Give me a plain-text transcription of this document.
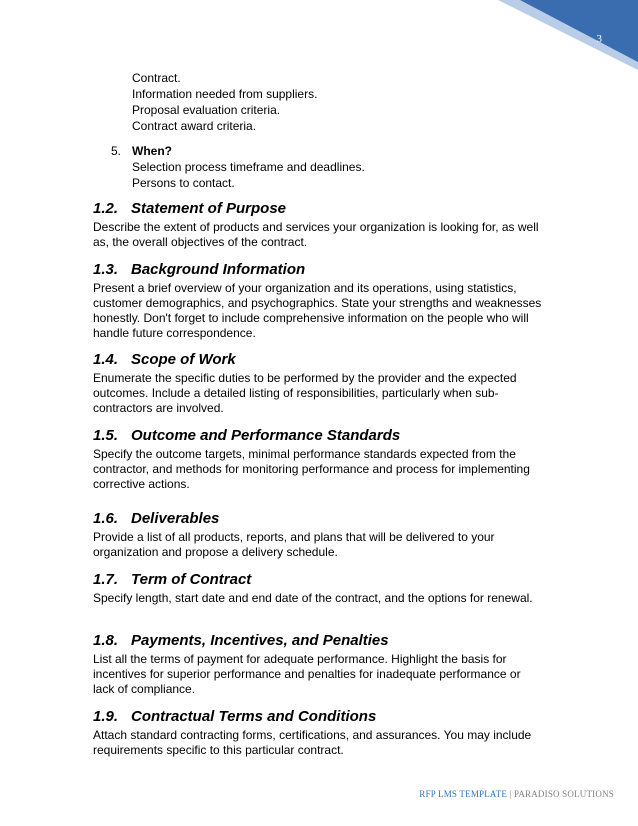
3
Contract.
Information needed from suppliers.
Proposal evaluation criteria.
Contract award criteria.
5. When?
Selection process timeframe and deadlines.
Persons to contact.
1.2. Statement of Purpose
Describe the extent of products and services your organization is looking for, as well as, the overall objectives of the contract.
1.3. Background Information
Present a brief overview of your organization and its operations, using statistics, customer demographics, and psychographics. State your strengths and weaknesses honestly. Don't forget to include comprehensive information on the people who will handle future correspondence.
1.4. Scope of Work
Enumerate the specific duties to be performed by the provider and the expected outcomes. Include a detailed listing of responsibilities, particularly when sub-contractors are involved.
1.5. Outcome and Performance Standards
Specify the outcome targets, minimal performance standards expected from the contractor, and methods for monitoring performance and process for implementing corrective actions.
1.6. Deliverables
Provide a list of all products, reports, and plans that will be delivered to your organization and propose a delivery schedule.
1.7. Term of Contract
Specify length, start date and end date of the contract, and the options for renewal.
1.8. Payments, Incentives, and Penalties
List all the terms of payment for adequate performance. Highlight the basis for incentives for superior performance and penalties for inadequate performance or lack of compliance.
1.9. Contractual Terms and Conditions
Attach standard contracting forms, certifications, and assurances. You may include requirements specific to this particular contract.
RFP LMS TEMPLATE | PARADISO SOLUTIONS
